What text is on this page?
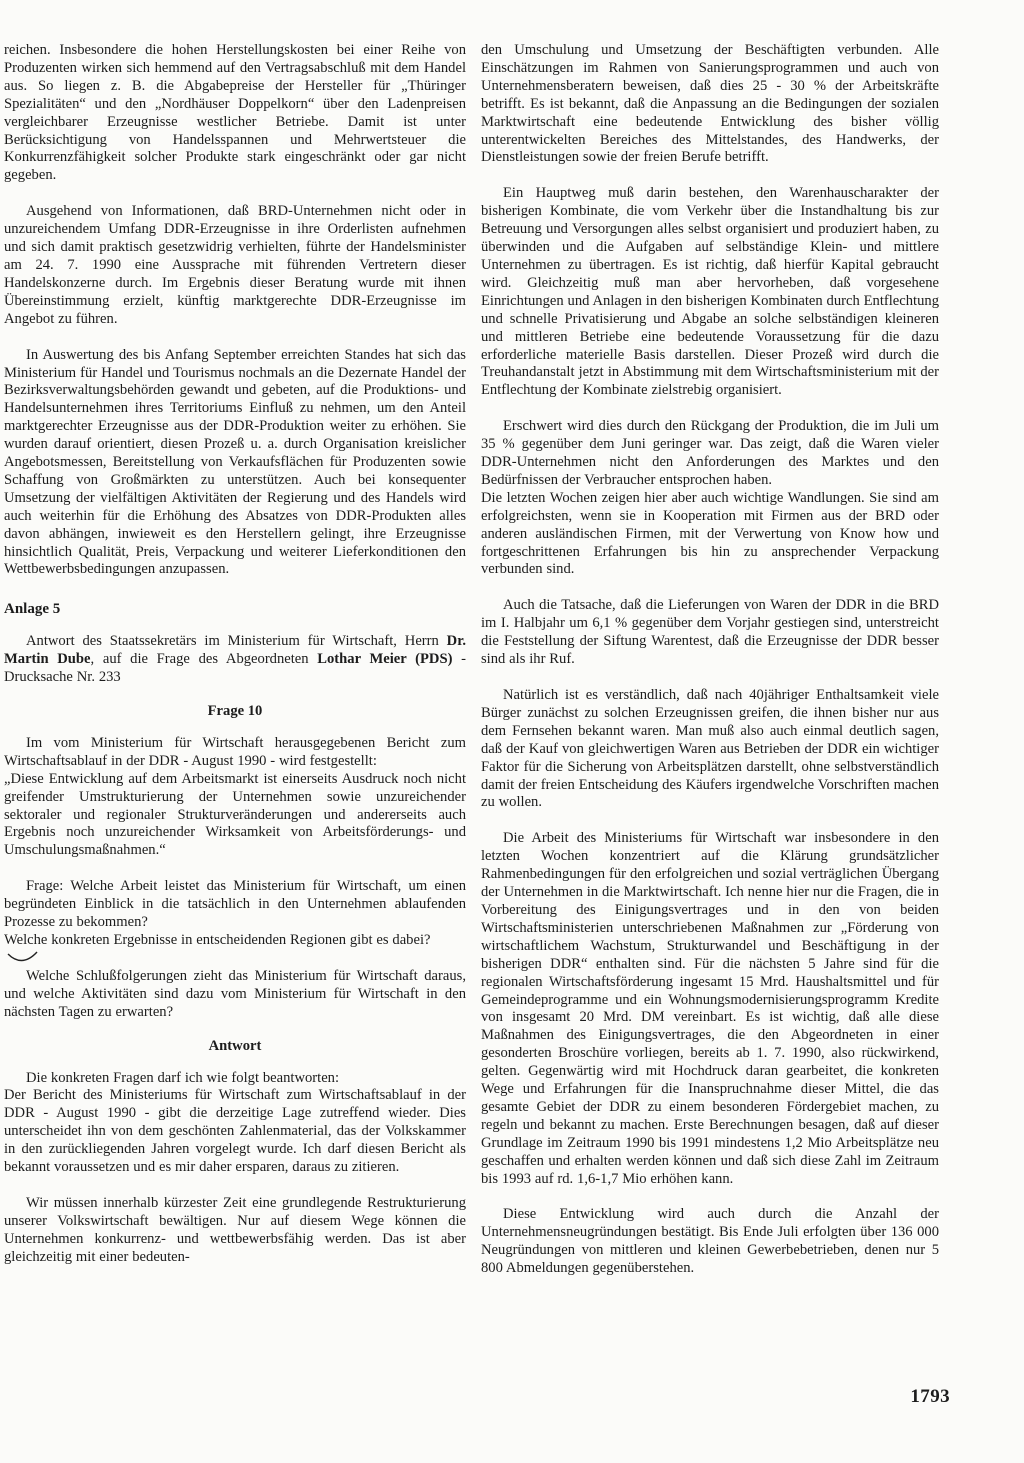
reichen. Insbesondere die hohen Herstellungskosten bei einer Reihe von Produzenten wirken sich hemmend auf den Vertragsabschluß mit dem Handel aus. So liegen z. B. die Abgabepreise der Hersteller für „Thüringer Spezialitäten“ und den „Nordhäuser Doppelkorn“ über den Ladenpreisen vergleichbarer Erzeugnisse westlicher Betriebe. Damit ist unter Berücksichtigung von Handelsspannen und Mehrwertsteuer die Konkurrenzfähigkeit solcher Produkte stark eingeschränkt oder gar nicht gegeben.

Ausgehend von Informationen, daß BRD-Unternehmen nicht oder in unzureichendem Umfang DDR-Erzeugnisse in ihre Orderlisten aufnehmen und sich damit praktisch gesetzwidrig verhielten, führte der Handelsminister am 24. 7. 1990 eine Aussprache mit führenden Vertretern dieser Handelskonzerne durch. Im Ergebnis dieser Beratung wurde mit ihnen Übereinstimmung erzielt, künftig marktgerechte DDR-Erzeugnisse im Angebot zu führen.

In Auswertung des bis Anfang September erreichten Standes hat sich das Ministerium für Handel und Tourismus nochmals an die Dezernate Handel der Bezirksverwaltungsbehörden gewandt und gebeten, auf die Produktions- und Handelsunternehmen ihres Territoriums Einfluß zu nehmen, um den Anteil marktgerechter Erzeugnisse aus der DDR-Produktion weiter zu erhöhen. Sie wurden darauf orientiert, diesen Prozeß u. a. durch Organisation kreislicher Angebotsmessen, Bereitstellung von Verkaufsflächen für Produzenten sowie Schaffung von Großmärkten zu unterstützen. Auch bei konsequenter Umsetzung der vielfältigen Aktivitäten der Regierung und des Handels wird auch weiterhin für die Erhöhung des Absatzes von DDR-Produkten alles davon abhängen, inwieweit es den Herstellern gelingt, ihre Erzeugnisse hinsichtlich Qualität, Preis, Verpackung und weiterer Lieferkonditionen den Wettbewerbsbedingungen anzupassen.

Anlage 5

Antwort des Staatssekretärs im Ministerium für Wirtschaft, Herrn Dr. Martin Dube, auf die Frage des Abgeordneten Lothar Meier (PDS) - Drucksache Nr. 233

Frage 10

Im vom Ministerium für Wirtschaft herausgegebenen Bericht zum Wirtschaftsablauf in der DDR - August 1990 - wird festgestellt:

„Diese Entwicklung auf dem Arbeitsmarkt ist einerseits Ausdruck noch nicht greifender Umstrukturierung der Unternehmen sowie unzureichender sektoraler und regionaler Strukturveränderungen und andererseits auch Ergebnis noch unzureichender Wirksamkeit von Arbeitsförderungs- und Umschulungsmaßnahmen.“

Frage: Welche Arbeit leistet das Ministerium für Wirtschaft, um einen begründeten Einblick in die tatsächlich in den Unternehmen ablaufenden Prozesse zu bekommen?

Welche konkreten Ergebnisse in entscheidenden Regionen gibt es dabei?

Welche Schlußfolgerungen zieht das Ministerium für Wirtschaft daraus, und welche Aktivitäten sind dazu vom Ministerium für Wirtschaft in den nächsten Tagen zu erwarten?

Antwort

Die konkreten Fragen darf ich wie folgt beantworten:

Der Bericht des Ministeriums für Wirtschaft zum Wirtschaftsablauf in der DDR - August 1990 - gibt die derzeitige Lage zutreffend wieder. Dies unterscheidet ihn von dem geschönten Zahlenmaterial, das der Volkskammer in den zurückliegenden Jahren vorgelegt wurde. Ich darf diesen Bericht als bekannt voraussetzen und es mir daher ersparen, daraus zu zitieren.

Wir müssen innerhalb kürzester Zeit eine grundlegende Restrukturierung unserer Volkswirtschaft bewältigen. Nur auf diesem Wege können die Unternehmen konkurrenz- und wettbewerbsfähig werden. Das ist aber gleichzeitig mit einer bedeuten-

den Umschulung und Umsetzung der Beschäftigten verbunden. Alle Einschätzungen im Rahmen von Sanierungsprogrammen und auch von Unternehmensberatern beweisen, daß dies 25 - 30 % der Arbeitskräfte betrifft. Es ist bekannt, daß die Anpassung an die Bedingungen der sozialen Marktwirtschaft eine bedeutende Entwicklung des bisher völlig unterentwickelten Bereiches des Mittelstandes, des Handwerks, der Dienstleistungen sowie der freien Berufe betrifft.

Ein Hauptweg muß darin bestehen, den Warenhauscharakter der bisherigen Kombinate, die vom Verkehr über die Instandhaltung bis zur Betreuung und Versorgungen alles selbst organisiert und produziert haben, zu überwinden und die Aufgaben auf selbständige Klein- und mittlere Unternehmen zu übertragen. Es ist richtig, daß hierfür Kapital gebraucht wird. Gleichzeitig muß man aber hervorheben, daß vorgesehene Einrichtungen und Anlagen in den bisherigen Kombinaten durch Entflechtung und schnelle Privatisierung und Abgabe an solche selbständigen kleineren und mittleren Betriebe eine bedeutende Voraussetzung für die dazu erforderliche materielle Basis darstellen. Dieser Prozeß wird durch die Treuhandanstalt jetzt in Abstimmung mit dem Wirtschaftsministerium mit der Entflechtung der Kombinate zielstrebig organisiert.

Erschwert wird dies durch den Rückgang der Produktion, die im Juli um 35 % gegenüber dem Juni geringer war. Das zeigt, daß die Waren vieler DDR-Unternehmen nicht den Anforderungen des Marktes und den Bedürfnissen der Verbraucher entsprochen haben.

Die letzten Wochen zeigen hier aber auch wichtige Wandlungen. Sie sind am erfolgreichsten, wenn sie in Kooperation mit Firmen aus der BRD oder anderen ausländischen Firmen, mit der Verwertung von Know how und fortgeschrittenen Erfahrungen bis hin zu ansprechender Verpackung verbunden sind.

Auch die Tatsache, daß die Lieferungen von Waren der DDR in die BRD im I. Halbjahr um 6,1 % gegenüber dem Vorjahr gestiegen sind, unterstreicht die Feststellung der Siftung Warentest, daß die Erzeugnisse der DDR besser sind als ihr Ruf.

Natürlich ist es verständlich, daß nach 40jähriger Enthaltsamkeit viele Bürger zunächst zu solchen Erzeugnissen greifen, die ihnen bisher nur aus dem Fernsehen bekannt waren. Man muß also auch einmal deutlich sagen, daß der Kauf von gleichwertigen Waren aus Betrieben der DDR ein wichtiger Faktor für die Sicherung von Arbeitsplätzen darstellt, ohne selbstverständlich damit der freien Entscheidung des Käufers irgendwelche Vorschriften machen zu wollen.

Die Arbeit des Ministeriums für Wirtschaft war insbesondere in den letzten Wochen konzentriert auf die Klärung grundsätzlicher Rahmenbedingungen für den erfolgreichen und sozial verträglichen Übergang der Unternehmen in die Marktwirtschaft. Ich nenne hier nur die Fragen, die in Vorbereitung des Einigungsvertrages und in den von beiden Wirtschaftsministerien unterschriebenen Maßnahmen zur „Förderung von wirtschaftlichem Wachstum, Strukturwandel und Beschäftigung in der bisherigen DDR“ enthalten sind. Für die nächsten 5 Jahre sind für die regionalen Wirtschaftsförderung ingesamt 15 Mrd. Haushaltsmittel und für Gemeindeprogramme und ein Wohnungsmodernisierungsprogramm Kredite von insgesamt 20 Mrd. DM vereinbart. Es ist wichtig, daß alle diese Maßnahmen des Einigungsvertrages, die den Abgeordneten in einer gesonderten Broschüre vorliegen, bereits ab 1. 7. 1990, also rückwirkend, gelten. Gegenwärtig wird mit Hochdruck daran gearbeitet, die konkreten Wege und Erfahrungen für die Inanspruchnahme dieser Mittel, die das gesamte Gebiet der DDR zu einem besonderen Fördergebiet machen, zu regeln und bekannt zu machen. Erste Berechnungen besagen, daß auf dieser Grundlage im Zeitraum 1990 bis 1991 mindestens 1,2 Mio Arbeitsplätze neu geschaffen und erhalten werden können und daß sich diese Zahl im Zeitraum bis 1993 auf rd. 1,6-1,7 Mio erhöhen kann.

Diese Entwicklung wird auch durch die Anzahl der Unternehmensneugründungen bestätigt. Bis Ende Juli erfolgten über 136 000 Neugründungen von mittleren und kleinen Gewerbebetrieben, denen nur 5 800 Abmeldungen gegenüberstehen.

1793
